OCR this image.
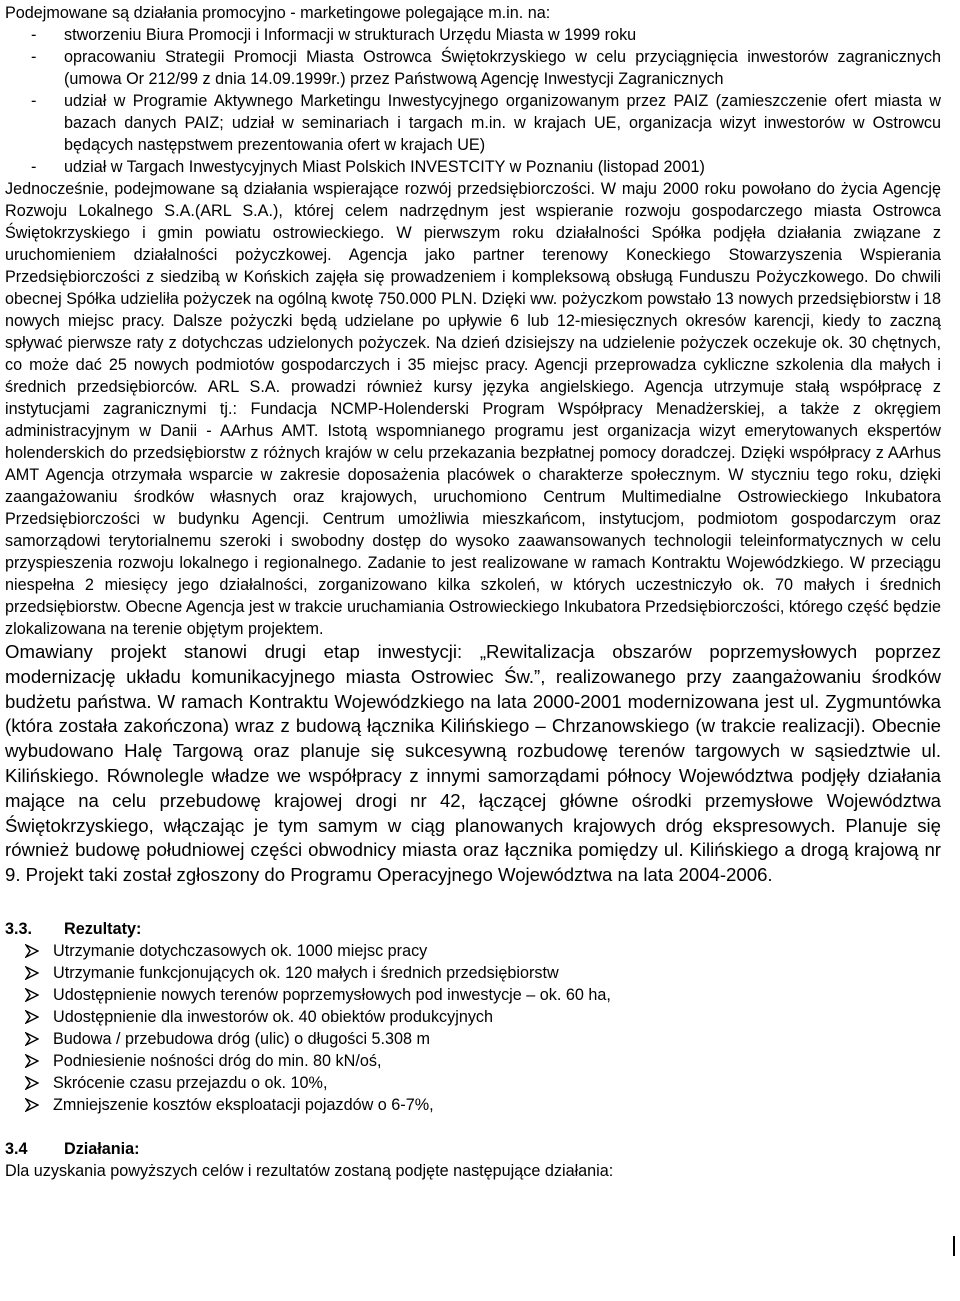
Podejmowane są działania promocyjno - marketingowe polegające m.in. na:

- stworzeniu Biura Promocji i Informacji w strukturach Urzędu Miasta w 1999 roku
- opracowaniu Strategii Promocji Miasta Ostrowca Świętokrzyskiego w celu przyciągnięcia inwestorów zagranicznych (umowa Or 212/99 z dnia 14.09.1999r.) przez Państwową Agencję Inwestycji Zagranicznych
- udział w Programie Aktywnego Marketingu Inwestycyjnego organizowanym przez PAIZ (zamieszczenie ofert miasta w bazach danych PAIZ; udział w seminariach i targach m.in. w krajach UE, organizacja wizyt inwestorów w Ostrowcu będących następstwem prezentowania ofert w krajach UE)
- udział w Targach Inwestycyjnych Miast Polskich INVESTCITY w Poznaniu (listopad 2001)

Jednocześnie, podejmowane są działania wspierające rozwój przedsiębiorczości. W maju 2000 roku powołano do życia Agencję Rozwoju Lokalnego S.A.(ARL S.A.), której celem nadrzędnym jest wspieranie rozwoju gospodarczego miasta Ostrowca Świętokrzyskiego i gmin powiatu ostrowieckiego. W pierwszym roku działalności Spółka podjęła działania związane z uruchomieniem działalności pożyczkowej. Agencja jako partner terenowy Koneckiego Stowarzyszenia Wspierania Przedsiębiorczości z siedzibą w Końskich zajęła się prowadzeniem i kompleksową obsługą Funduszu Pożyczkowego. Do chwili obecnej Spółka udzieliła pożyczek na ogólną kwotę 750.000 PLN. Dzięki ww. pożyczkom powstało 13 nowych przedsiębiorstw i 18 nowych miejsc pracy. Dalsze pożyczki będą udzielane po upływie 6 lub 12-miesięcznych okresów karencji, kiedy to zaczną spływać pierwsze raty z dotychczas udzielonych pożyczek. Na dzień dzisiejszy na udzielenie pożyczek oczekuje ok. 30 chętnych, co może dać 25 nowych podmiotów gospodarczych i 35 miejsc pracy. Agencji przeprowadza cykliczne szkolenia dla małych i średnich przedsiębiorców. ARL S.A. prowadzi również kursy języka angielskiego. Agencja utrzymuje stałą współpracę z instytucjami zagranicznymi tj.: Fundacja NCMP-Holenderski Program Współpracy Menadżerskiej, a także z okręgiem administracyjnym w Danii - AArhus AMT. Istotą wspomnianego programu jest organizacja wizyt emerytowanych ekspertów holenderskich do przedsiębiorstw z różnych krajów w celu przekazania bezpłatnej pomocy doradczej. Dzięki współpracy z AArhus AMT Agencja otrzymała wsparcie w zakresie doposażenia placówek o charakterze społecznym. W styczniu tego roku, dzięki zaangażowaniu środków własnych oraz krajowych, uruchomiono Centrum Multimedialne Ostrowieckiego Inkubatora Przedsiębiorczości w budynku Agencji. Centrum umożliwia mieszkańcom, instytucjom, podmiotom gospodarczym oraz samorządowi terytorialnemu szeroki i swobodny dostęp do wysoko zaawansowanych technologii teleinformatycznych w celu przyspieszenia rozwoju lokalnego i regionalnego. Zadanie to jest realizowane w ramach Kontraktu Wojewódzkiego. W przeciągu niespełna 2 miesięcy jego działalności, zorganizowano kilka szkoleń, w których uczestniczyło ok. 70 małych i średnich przedsiębiorstw. Obecne Agencja jest w trakcie uruchamiania Ostrowieckiego Inkubatora Przedsiębiorczości, którego część będzie zlokalizowana na terenie objętym projektem.

Omawiany projekt stanowi drugi etap inwestycji: „Rewitalizacja obszarów poprzemysłowych poprzez modernizację układu komunikacyjnego miasta Ostrowiec Św.”, realizowanego przy zaangażowaniu środków budżetu państwa. W ramach Kontraktu Wojewódzkiego na lata 2000-2001 modernizowana jest ul. Zygmuntówka (która została zakończona) wraz z budową łącznika Kilińskiego – Chrzanowskiego (w trakcie realizacji). Obecnie wybudowano Halę Targową oraz planuje się sukcesywną rozbudowę terenów targowych w sąsiedztwie ul. Kilińskiego. Równolegle władze we współpracy z innymi samorządami północy Województwa podjęły działania mające na celu przebudowę krajowej drogi nr 42, łączącej główne ośrodki przemysłowe Województwa Świętokrzyskiego, włączając je tym samym w ciąg planowanych krajowych dróg ekspresowych. Planuje się również budowę południowej części obwodnicy miasta oraz łącznika pomiędzy ul. Kilińskiego a drogą krajową nr 9. Projekt taki został zgłoszony do Programu Operacyjnego Województwa na lata 2004-2006.

3.3. Rezultaty:
Utrzymanie dotychczasowych ok. 1000 miejsc pracy
Utrzymanie funkcjonujących ok. 120 małych i średnich przedsiębiorstw
Udostępnienie nowych terenów poprzemysłowych pod inwestycje – ok. 60 ha,
Udostępnienie dla inwestorów ok. 40 obiektów produkcyjnych
Budowa / przebudowa dróg (ulic) o długości 5.308 m
Podniesienie nośności dróg do min. 80 kN/oś,
Skrócenie czasu przejazdu o ok. 10%,
Zmniejszenie kosztów eksploatacji pojazdów o 6-7%,
3.4 Działania:

Dla uzyskania powyższych celów i rezultatów zostaną podjęte następujące działania:
